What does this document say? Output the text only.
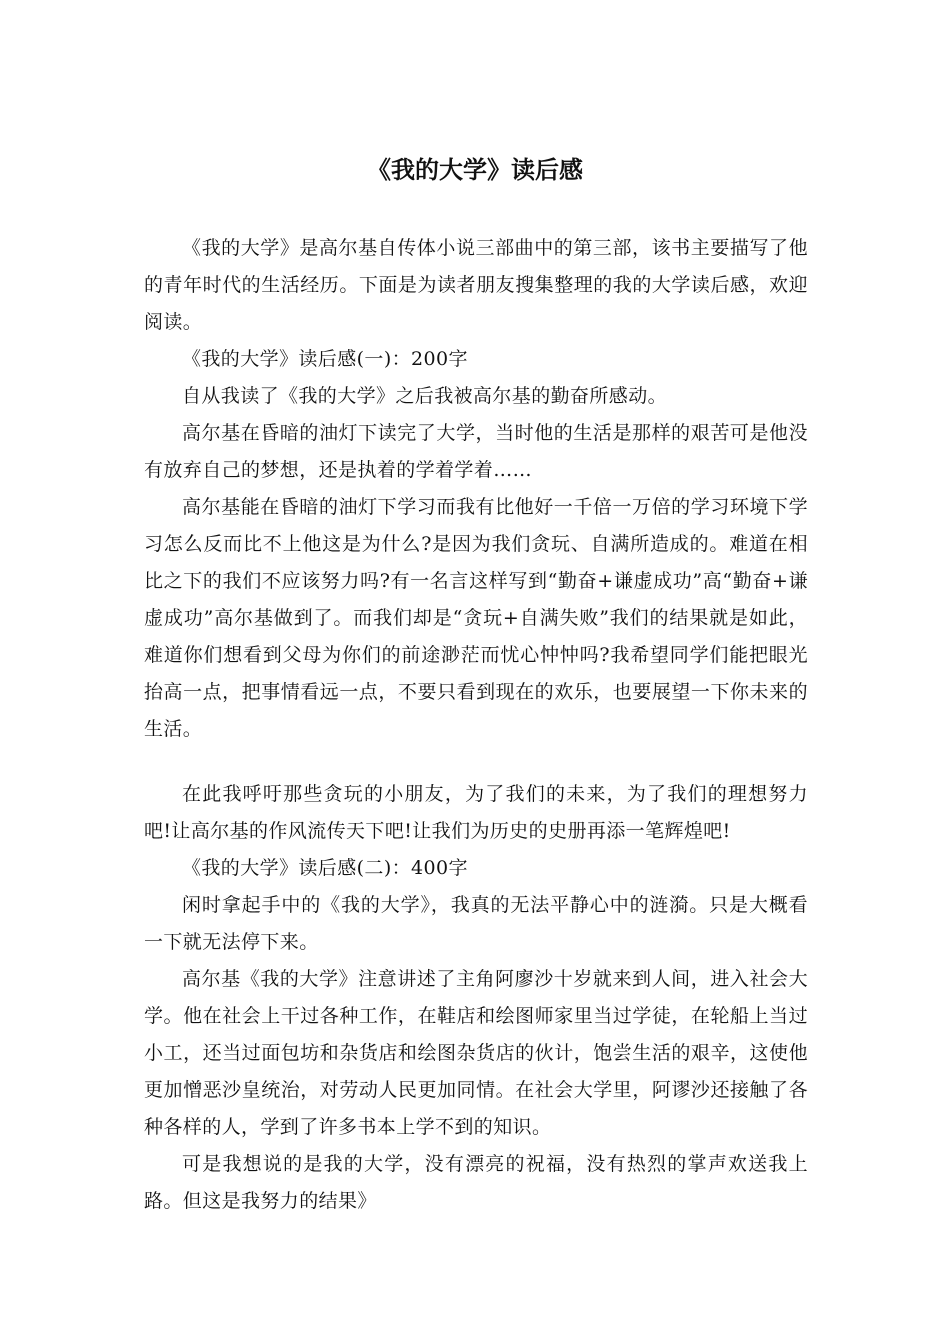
《我的大学》读后感

《我的大学》是高尔基自传体小说三部曲中的第三部，该书主要描写了他的青年时代的生活经历。下面是为读者朋友搜集整理的我的大学读后感，欢迎阅读。

《我的大学》读后感(一)：200字

自从我读了《我的大学》之后我被高尔基的勤奋所感动。

高尔基在昏暗的油灯下读完了大学，当时他的生活是那样的艰苦可是他没有放弃自己的梦想，还是执着的学着学着……

高尔基能在昏暗的油灯下学习而我有比他好一千倍一万倍的学习环境下学习怎么反而比不上他这是为什么?是因为我们贪玩、自满所造成的。难道在相比之下的我们不应该努力吗?有一名言这样写到“勤奋+谦虚成功”高“勤奋+谦虚成功”高尔基做到了。而我们却是“贪玩+自满失败”我们的结果就是如此，难道你们想看到父母为你们的前途渺茫而忧心忡忡吗?我希望同学们能把眼光抬高一点，把事情看远一点，不要只看到现在的欢乐，也要展望一下你未来的生活。

在此我呼吁那些贪玩的小朋友，为了我们的未来，为了我们的理想努力吧!让高尔基的作风流传天下吧!让我们为历史的史册再添一笔辉煌吧!

《我的大学》读后感(二)：400字

闲时拿起手中的《我的大学》，我真的无法平静心中的涟漪。只是大概看一下就无法停下来。

高尔基《我的大学》注意讲述了主角阿廖沙十岁就来到人间，进入社会大学。他在社会上干过各种工作，在鞋店和绘图师家里当过学徒，在轮船上当过小工，还当过面包坊和杂货店和绘图杂货店的伙计，饱尝生活的艰辛，这使他更加憎恶沙皇统治，对劳动人民更加同情。在社会大学里，阿谬沙还接触了各种各样的人，学到了许多书本上学不到的知识。

可是我想说的是我的大学，没有漂亮的祝福，没有热烈的掌声欢送我上路。但这是我努力的结果》
